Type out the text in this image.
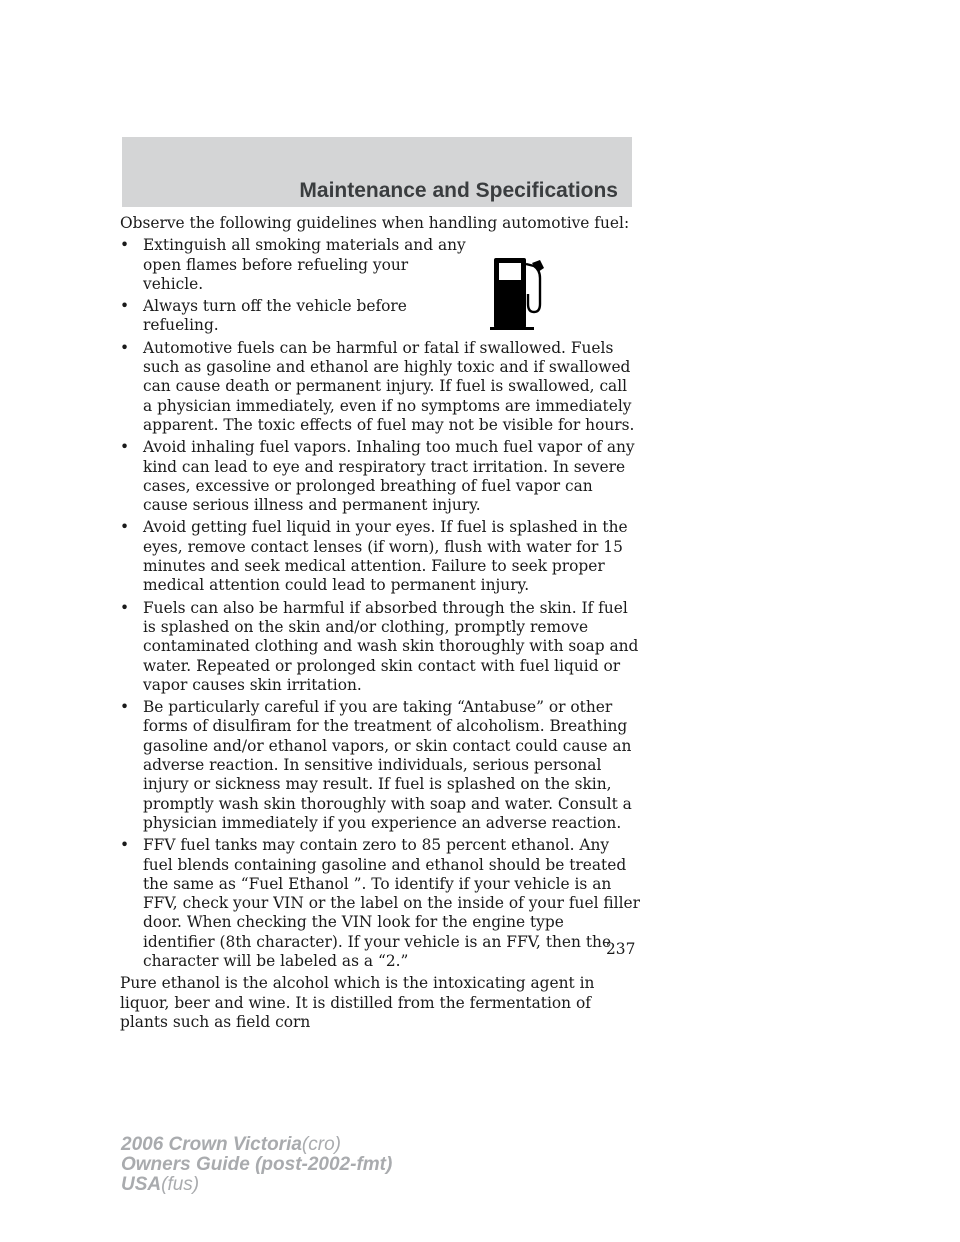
Maintenance and Specifications

Observe the following guidelines when handling automotive fuel:

• Extinguish all smoking materials and any open flames before refueling your vehicle.
• Always turn off the vehicle before refueling.
• Automotive fuels can be harmful or fatal if swallowed. Fuels such as gasoline and ethanol are highly toxic and if swallowed can cause death or permanent injury. If fuel is swallowed, call a physician immediately, even if no symptoms are immediately apparent. The toxic effects of fuel may not be visible for hours.
• Avoid inhaling fuel vapors. Inhaling too much fuel vapor of any kind can lead to eye and respiratory tract irritation. In severe cases, excessive or prolonged breathing of fuel vapor can cause serious illness and permanent injury.
• Avoid getting fuel liquid in your eyes. If fuel is splashed in the eyes, remove contact lenses (if worn), flush with water for 15 minutes and seek medical attention. Failure to seek proper medical attention could lead to permanent injury.
• Fuels can also be harmful if absorbed through the skin. If fuel is splashed on the skin and/or clothing, promptly remove contaminated clothing and wash skin thoroughly with soap and water. Repeated or prolonged skin contact with fuel liquid or vapor causes skin irritation.
• Be particularly careful if you are taking “Antabuse” or other forms of disulfiram for the treatment of alcoholism. Breathing gasoline and/or ethanol vapors, or skin contact could cause an adverse reaction. In sensitive individuals, serious personal injury or sickness may result. If fuel is splashed on the skin, promptly wash skin thoroughly with soap and water. Consult a physician immediately if you experience an adverse reaction.
• FFV fuel tanks may contain zero to 85 percent ethanol. Any fuel blends containing gasoline and ethanol should be treated the same as “Fuel Ethanol ”. To identify if your vehicle is an FFV, check your VIN or the label on the inside of your fuel filler door. When checking the VIN look for the engine type identifier (8th character). If your vehicle is an FFV, then the character will be labeled as a “2.”

Pure ethanol is the alcohol which is the intoxicating agent in liquor, beer and wine. It is distilled from the fermentation of plants such as field corn

237
2006 Crown Victoria(cro)
Owners Guide (post-2002-fmt)
USA(fus)
